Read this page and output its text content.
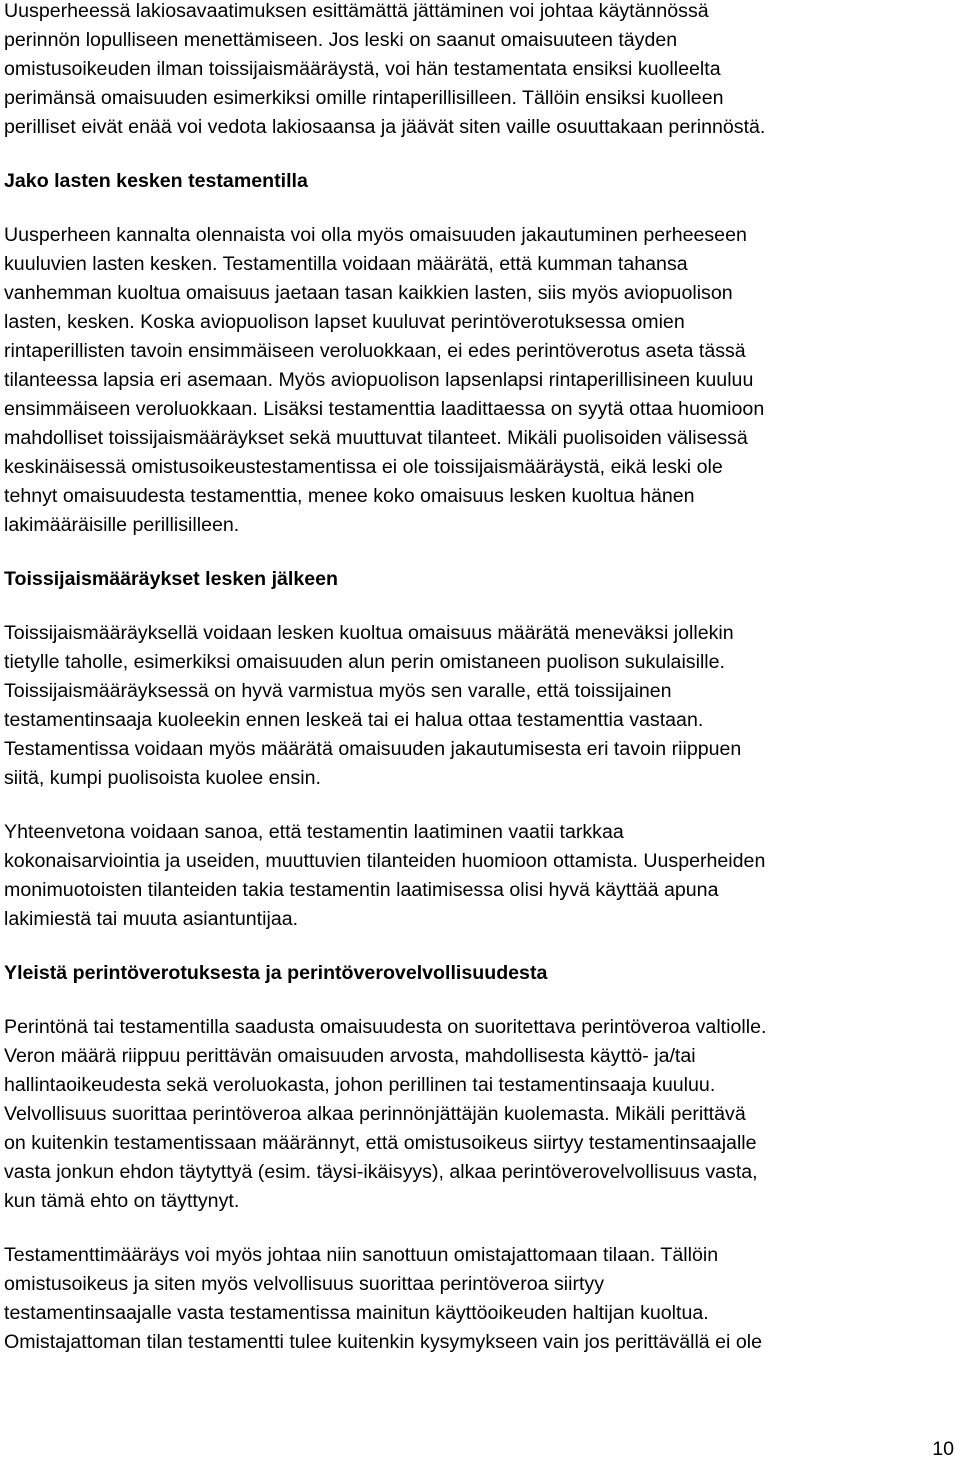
Uusperheessä lakiosavaatimuksen esittämättä jättäminen voi johtaa käytännössä
perinnön lopulliseen menettämiseen. Jos leski on saanut omaisuuteen täyden
omistusoikeuden ilman toissijaismääräystä, voi hän testamentata ensiksi kuolleelta
perimänsä omaisuuden esimerkiksi omille rintaperillisilleen. Tällöin ensiksi kuolleen
perilliset eivät enää voi vedota lakiosaansa ja jäävät siten vaille osuuttakaan perinnöstä.
Jako lasten kesken testamentilla
Uusperheen kannalta olennaista voi olla myös omaisuuden jakautuminen perheeseen
kuuluvien lasten kesken. Testamentilla voidaan määrätä, että kumman tahansa
vanhemman kuoltua omaisuus jaetaan tasan kaikkien lasten, siis myös aviopuolison
lasten, kesken. Koska aviopuolison lapset kuuluvat perintöverotuksessa omien
rintaperillisten tavoin ensimmäiseen veroluokkaan, ei edes perintöverotus aseta tässä
tilanteessa lapsia eri asemaan. Myös aviopuolison lapsenlapsi rintaperillisineen kuuluu
ensimmäiseen veroluokkaan. Lisäksi testamenttia laadittaessa on syytä ottaa huomioon
mahdolliset toissijaismääräykset sekä muuttuvat tilanteet. Mikäli puolisoiden välisessä
keskinäisessä omistusoikeustestamentissa ei ole toissijaismääräystä, eikä leski ole
tehnyt omaisuudesta testamenttia, menee koko omaisuus lesken kuoltua hänen
lakimääräisille perillisilleen.
Toissijaismääräykset lesken jälkeen
Toissijaismääräyksellä voidaan lesken kuoltua omaisuus määrätä meneväksi jollekin
tietylle taholle, esimerkiksi omaisuuden alun perin omistaneen puolison sukulaisille.
Toissijaismääräyksessä on hyvä varmistua myös sen varalle, että toissijainen
testamentinsaaja kuoleekin ennen leskeä tai ei halua ottaa testamenttia vastaan.
Testamentissa voidaan myös määrätä omaisuuden jakautumisesta eri tavoin riippuen
siitä, kumpi puolisoista kuolee ensin.
Yhteenvetona voidaan sanoa, että testamentin laatiminen vaatii tarkkaa
kokonaisarviointia ja useiden, muuttuvien tilanteiden huomioon ottamista. Uusperheiden
monimuotoisten tilanteiden takia testamentin laatimisessa olisi hyvä käyttää apuna
lakimiestä tai muuta asiantuntijaa.
Yleistä perintöverotuksesta ja perintöverovelvollisuudesta
Perintönä tai testamentilla saadusta omaisuudesta on suoritettava perintöveroa valtiolle.
Veron määrä riippuu perittävän omaisuuden arvosta, mahdollisesta käyttö- ja/tai
hallintaoikeudesta sekä veroluokasta, johon perillinen tai testamentinsaaja kuuluu.
Velvollisuus suorittaa perintöveroa alkaa perinnönjättäjän kuolemasta. Mikäli perittävä
on kuitenkin testamentissaan määrännyt, että omistusoikeus siirtyy testamentinsaajalle
vasta jonkun ehdon täytyttyä (esim. täysi-ikäisyys), alkaa perintöverovelvollisuus vasta,
kun tämä ehto on täyttynyt.
Testamenttimääräys voi myös johtaa niin sanottuun omistajattomaan tilaan. Tällöin
omistusoikeus ja siten myös velvollisuus suorittaa perintöveroa siirtyy
testamentinsaajalle vasta testamentissa mainitun käyttöoikeuden haltijan kuoltua.
Omistajattoman tilan testamentti tulee kuitenkin kysymykseen vain jos perittävällä ei ole
10
